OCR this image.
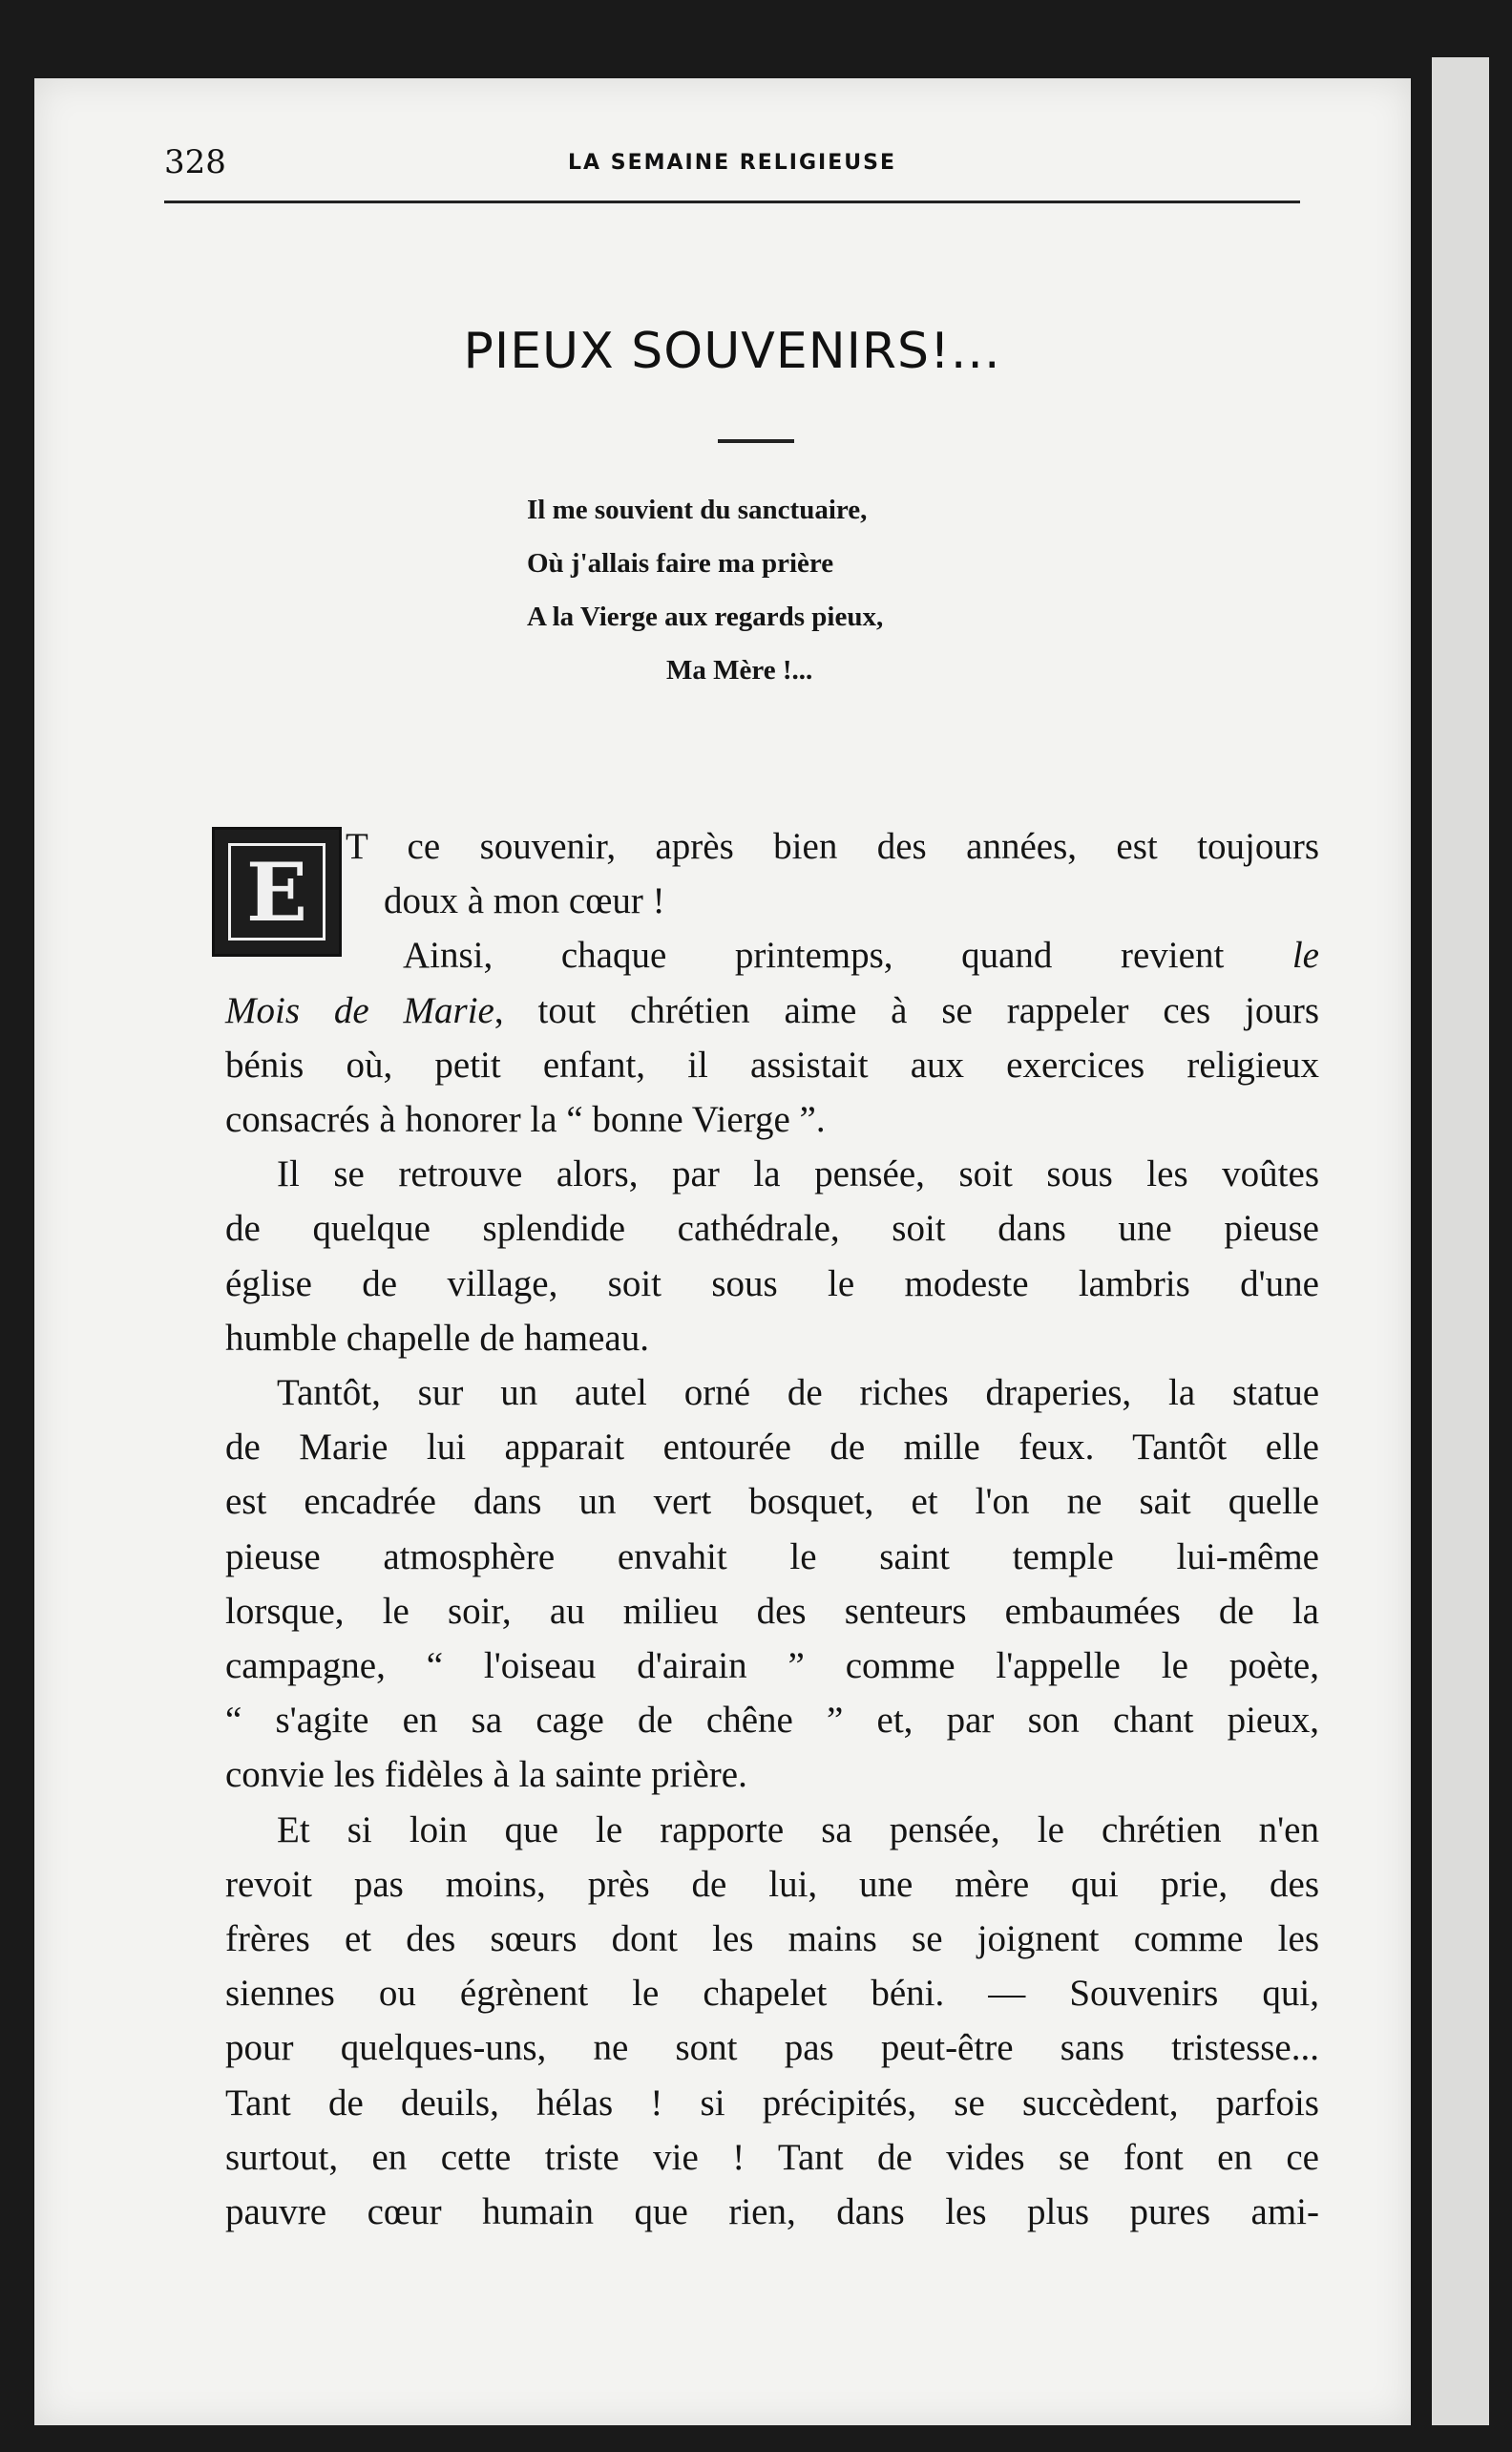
328	LA SEMAINE RELIGIEUSE
PIEUX SOUVENIRS!...
Il me souvient du sanctuaire,
Où j'allais faire ma prière
A la Vierge aux regards pieux,
Ma Mère !...
E	T ce souvenir, après bien des années, est toujours
doux à mon cœur !
Ainsi, chaque printemps, quand revient le
Mois de Marie, tout chrétien aime à se rappeler ces jours
bénis où, petit enfant, il assistait aux exercices religieux
consacrés à honorer la “ bonne Vierge ”.
Il se retrouve alors, par la pensée, soit sous les voûtes
de quelque splendide cathédrale, soit dans une pieuse
église de village, soit sous le modeste lambris d'une
humble chapelle de hameau.
Tantôt, sur un autel orné de riches draperies, la statue
de Marie lui apparait entourée de mille feux. Tantôt elle
est encadrée dans un vert bosquet, et l'on ne sait quelle
pieuse atmosphère envahit le saint temple lui-même
lorsque, le soir, au milieu des senteurs embaumées de la
campagne, “ l'oiseau d'airain ” comme l'appelle le poète,
“ s'agite en sa cage de chêne ” et, par son chant pieux,
convie les fidèles à la sainte prière.
Et si loin que le rapporte sa pensée, le chrétien n'en
revoit pas moins, près de lui, une mère qui prie, des
frères et des sœurs dont les mains se joignent comme les
siennes ou égrènent le chapelet béni. — Souvenirs qui,
pour quelques-uns, ne sont pas peut-être sans tristesse...
Tant de deuils, hélas ! si précipités, se succèdent, parfois
surtout, en cette triste vie ! Tant de vides se font en ce
pauvre cœur humain que rien, dans les plus pures ami-
